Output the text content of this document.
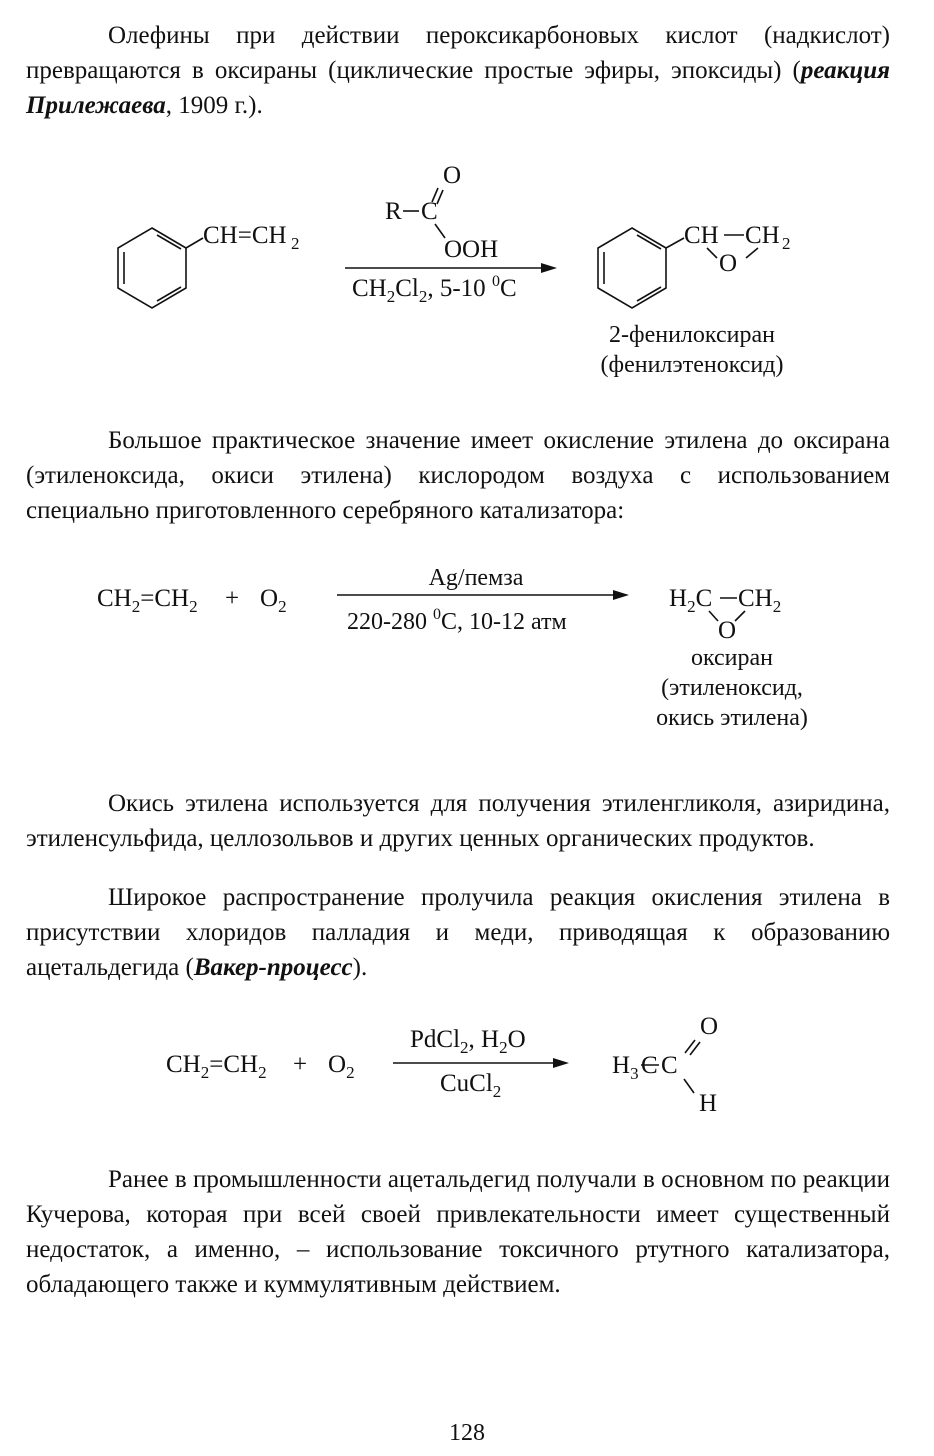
Олефины при действии пероксикарбоновых кислот (надкислот) превращаются в оксираны (циклические простые эфиры, эпоксиды) (реакция Прилежаева, 1909 г.).

CH=CH 2
O
R C
OOH
$CH_2Cl_2$, 5-10 $^0$C
CH CH 2
O
2-фенилоксиран
(фенилэтеноксид)

Большое практическое значение имеет окисление этилена до оксирана (этиленоксида, окиси этилена) кислородом воздуха с использованием специально приготовленного серебряного катализатора:

$CH_2=CH_2 + O_2$
Ag/пемза
220-280 $^0$C, 10-12 атм
$H_2C$ $CH_2$
O
оксиран
(этиленоксид,
окись этилена)

Окись этилена используется для получения этиленгликоля, азиридина, этиленсульфида, целлозольвов и других ценных органических продуктов.

Широкое распространение пролучила реакция окисления этилена в присутствии хлоридов палладия и меди, приводящая к образованию ацетальдегида (Вакер-процесс).

$CH_2=CH_2 + O_2$
PdCl$_2$, $H_2O$
CuCl$_2$
$H_3$ C C
O
H

Ранее в промышленности ацетальдегид получали в основном по реакции Кучерова, которая при всей своей привлекательности имеет существенный недостаток, а именно, – использование токсичного ртутного катализатора, обладающего также и куммулятивным действием.

128
